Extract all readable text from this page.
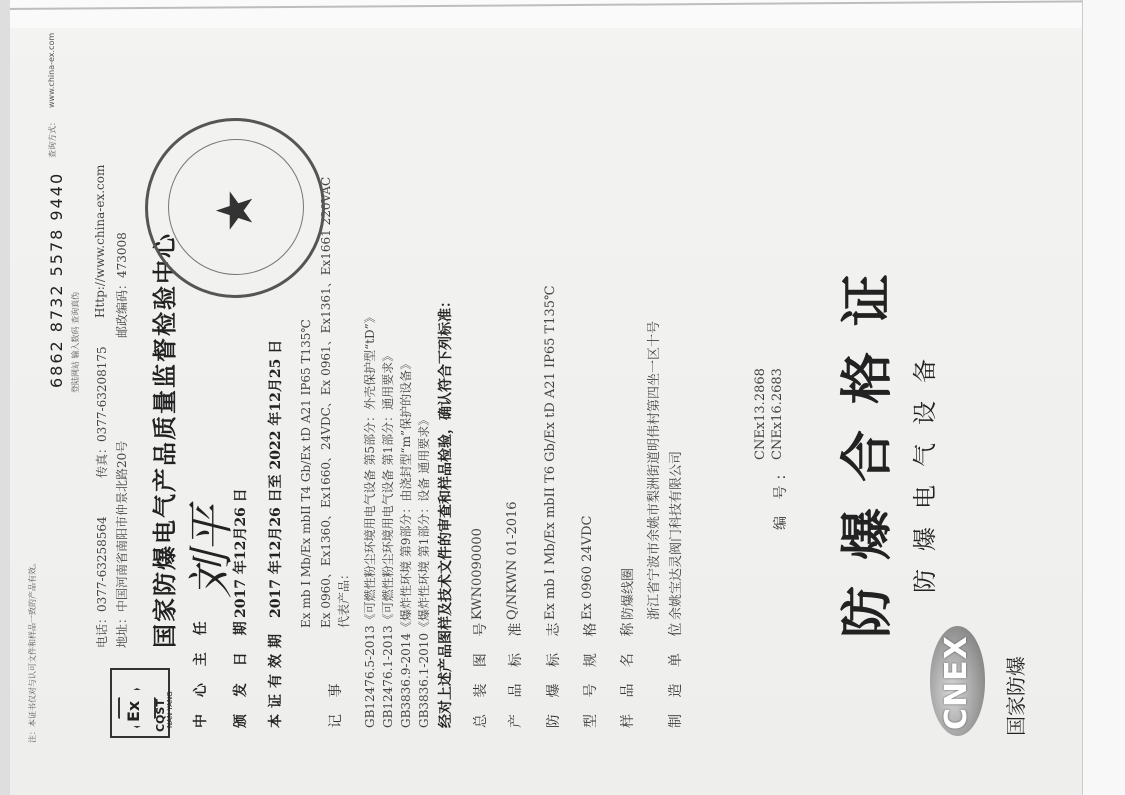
CNEX 国家防爆
防爆电气设备
防爆合格证
编 号:
CNEx16.2683
CNEx13.2868
制 造 单 位
余姚宝达灵阀门科技有限公司
浙江省宁波市余姚市梨洲街道明伟村第四坐一区十号
样 品 名 称
防爆线圈
型 号 规 格
Ex 0960 24VDC
防 爆 标 志
Ex mb I Mb/Ex mbII T6 Gb/Ex tD A21 IP65 T135℃
产 品 标 准
Q/NKWN 01-2016
总 装 图 号
KWN0090000
经对上述产品图样及技术文件的审查和样品检验，确认符合下列标准：
GB3836.1-2010《爆炸性环境 第1部分：设备 通用要求》
GB3836.9-2014《爆炸性环境 第9部分：由浇封型“m”保护的设备》
GB12476.1-2013《可燃性粉尘环境用电气设备 第1部分：通用要求》
GB12476.5-2013《可燃性粉尘环境用电气设备 第5部分：外壳保护型“tD”》
记 事
代表产品：
Ex 0960、Ex1360、Ex1660、24VDC、Ex 0961、Ex1361、Ex1661 220VAC
Ex mb I Mb/Ex mbII T4 Gb/Ex tD A21 IP65 T135℃
本证有效期
2017 年12月26 日至 2022 年12月25 日
颁 发 日 期
2017 年12月26 日
中 心 主 任
刘平
Ex CQST NAN YANG
国家防爆电气产品质量监督检验中心
地址：中国河南省南阳市仲景北路20号
邮政编码：473008
电话：0377-63258564
传真：0377-63208175
Http://www.china-ex.com
登陆网站 输入数码 查询真伪
6862 8732 5578 9440
查询方式：
www.china-ex.com
★
注：本证书仅对与认可文件和样品一致的产品有效。
